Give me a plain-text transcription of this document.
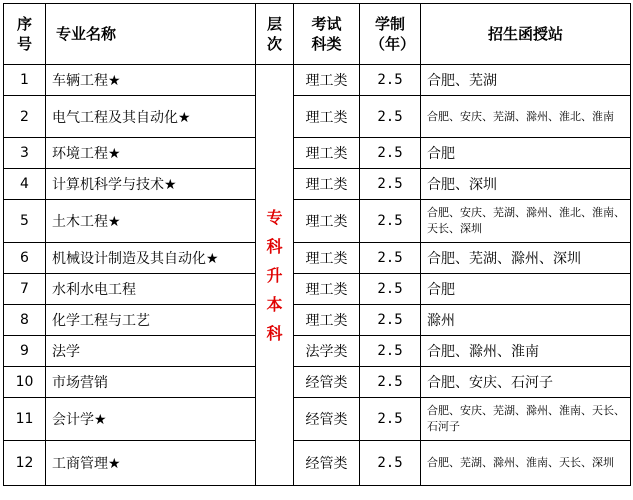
序号	专业名称	层次	考试科类	学制（年）	招生函授站
1	车辆工程★	专科升本科	理工类	2.5	合肥、芜湖
2	电气工程及其自动化★		理工类	2.5	合肥、安庆、芜湖、滁州、淮北、淮南
3	环境工程★		理工类	2.5	合肥
4	计算机科学与技术★		理工类	2.5	合肥、深圳
5	土木工程★		理工类	2.5	合肥、安庆、芜湖、滁州、淮北、淮南、天长、深圳
6	机械设计制造及其自动化★		理工类	2.5	合肥、芜湖、滁州、深圳
7	水利水电工程		理工类	2.5	合肥
8	化学工程与工艺		理工类	2.5	滁州
9	法学		法学类	2.5	合肥、滁州、淮南
10	市场营销		经管类	2.5	合肥、安庆、石河子
11	会计学★		经管类	2.5	合肥、安庆、芜湖、滁州、淮南、天长、石河子
12	工商管理★		经管类	2.5	合肥、芜湖、滁州、淮南、天长、深圳
